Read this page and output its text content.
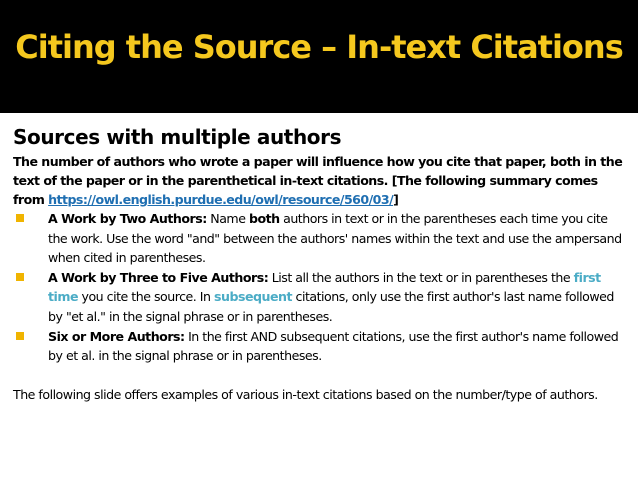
Citing the Source – In-text Citations
Sources with multiple authors

The number of authors who wrote a paper will influence how you cite that paper, both in the text of the paper or in the parenthetical in-text citations. [The following summary comes from https://owl.english.purdue.edu/owl/resource/560/03/]

A Work by Two Authors: Name both authors in text or in the parentheses each time you cite the work. Use the word "and" between the authors' names within the text and use the ampersand when cited in parentheses.
A Work by Three to Five Authors: List all the authors in the text or in parentheses the first time you cite the source. In subsequent citations, only use the first author's last name followed by "et al." in the signal phrase or in parentheses.
Six or More Authors: In the first AND subsequent citations, use the first author's name followed by et al. in the signal phrase or in parentheses.

The following slide offers examples of various in-text citations based on the number/type of authors.
